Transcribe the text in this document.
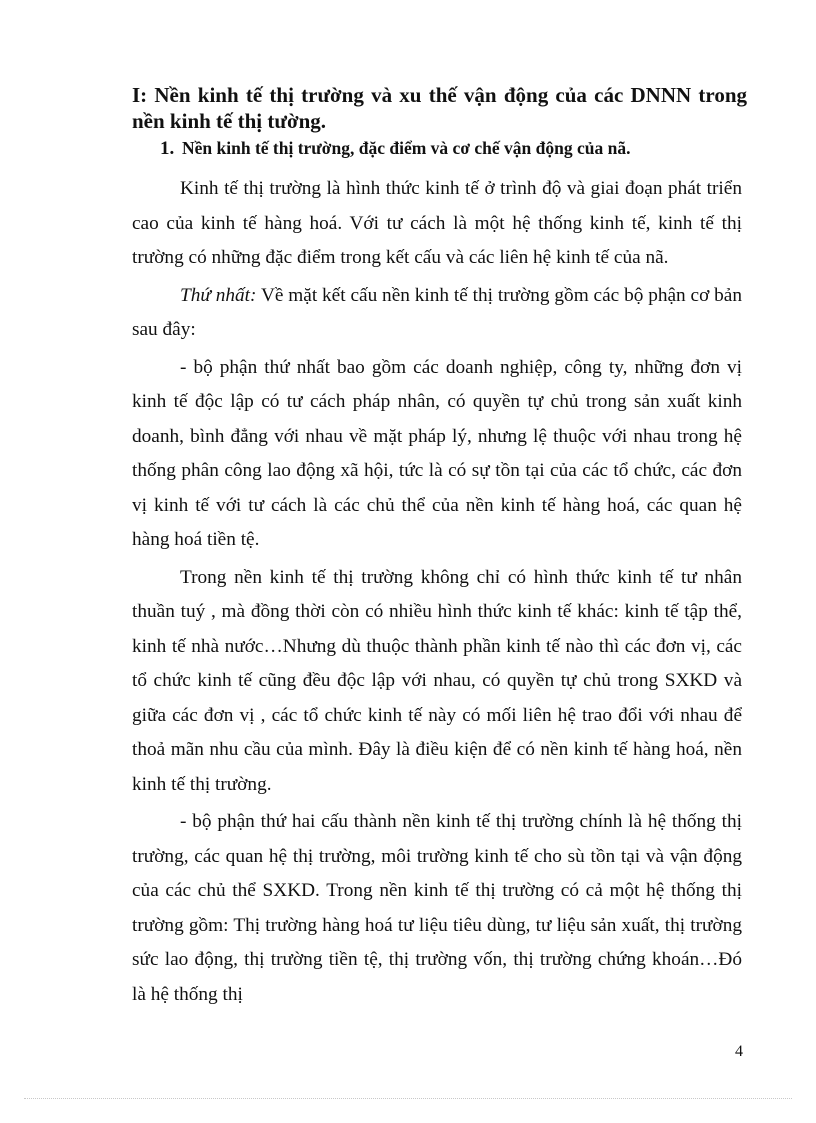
I: Nền kinh tế thị trường và xu thế vận động của các DNNN trong nền kinh tế thị tường.
1. Nền kinh tế thị trường, đặc điểm và cơ chế vận động của nã.

Kinh tế thị trường là hình thức kinh tế ở trình độ và giai đoạn phát triển cao của kinh tế hàng hoá. Với tư cách là một hệ thống kinh tế, kinh tế thị trường có những đặc điểm trong kết cấu và các liên hệ kinh tế của nã.

Thứ nhất: Về mặt kết cấu nền kinh tế thị trường gồm các bộ phận cơ bản sau đây:

- bộ phận thứ nhất bao gồm các doanh nghiệp, công ty, những đơn vị kinh tế độc lập có tư cách pháp nhân, có quyền tự chủ trong sản xuất kinh doanh, bình đẳng với nhau về mặt pháp lý, nhưng lệ thuộc với nhau trong hệ thống phân công lao động xã hội, tức là có sự tồn tại của các tổ chức, các đơn vị kinh tế với tư cách là các chủ thể của nền kinh tế hàng hoá, các quan hệ hàng hoá tiền tệ.

Trong nền kinh tế thị trường không chỉ có hình thức kinh tế tư nhân thuần tuý , mà đồng thời còn có nhiều hình thức kinh tế khác: kinh tế tập thể, kinh tế nhà nước…Nhưng dù thuộc thành phần kinh tế nào thì các đơn vị, các tổ chức kinh tế cũng đều độc lập với nhau, có quyền tự chủ trong SXKD và giữa các đơn vị , các tổ chức kinh tế này có mối liên hệ trao đổi với nhau để thoả mãn nhu cầu của mình. Đây là điều kiện để có nền kinh tế hàng hoá, nền kinh tế thị trường.

- bộ phận thứ hai cấu thành nền kinh tế thị trường chính là hệ thống thị trường, các quan hệ thị trường, môi trường kinh tế cho sù tồn tại và vận động của các chủ thể SXKD. Trong nền kinh tế thị trường có cả một hệ thống thị trường gồm: Thị trường hàng hoá tư liệu tiêu dùng, tư liệu sản xuất, thị trường sức lao động, thị trường tiền tệ, thị trường vốn, thị trường chứng khoán…Đó là hệ thống thị

4
